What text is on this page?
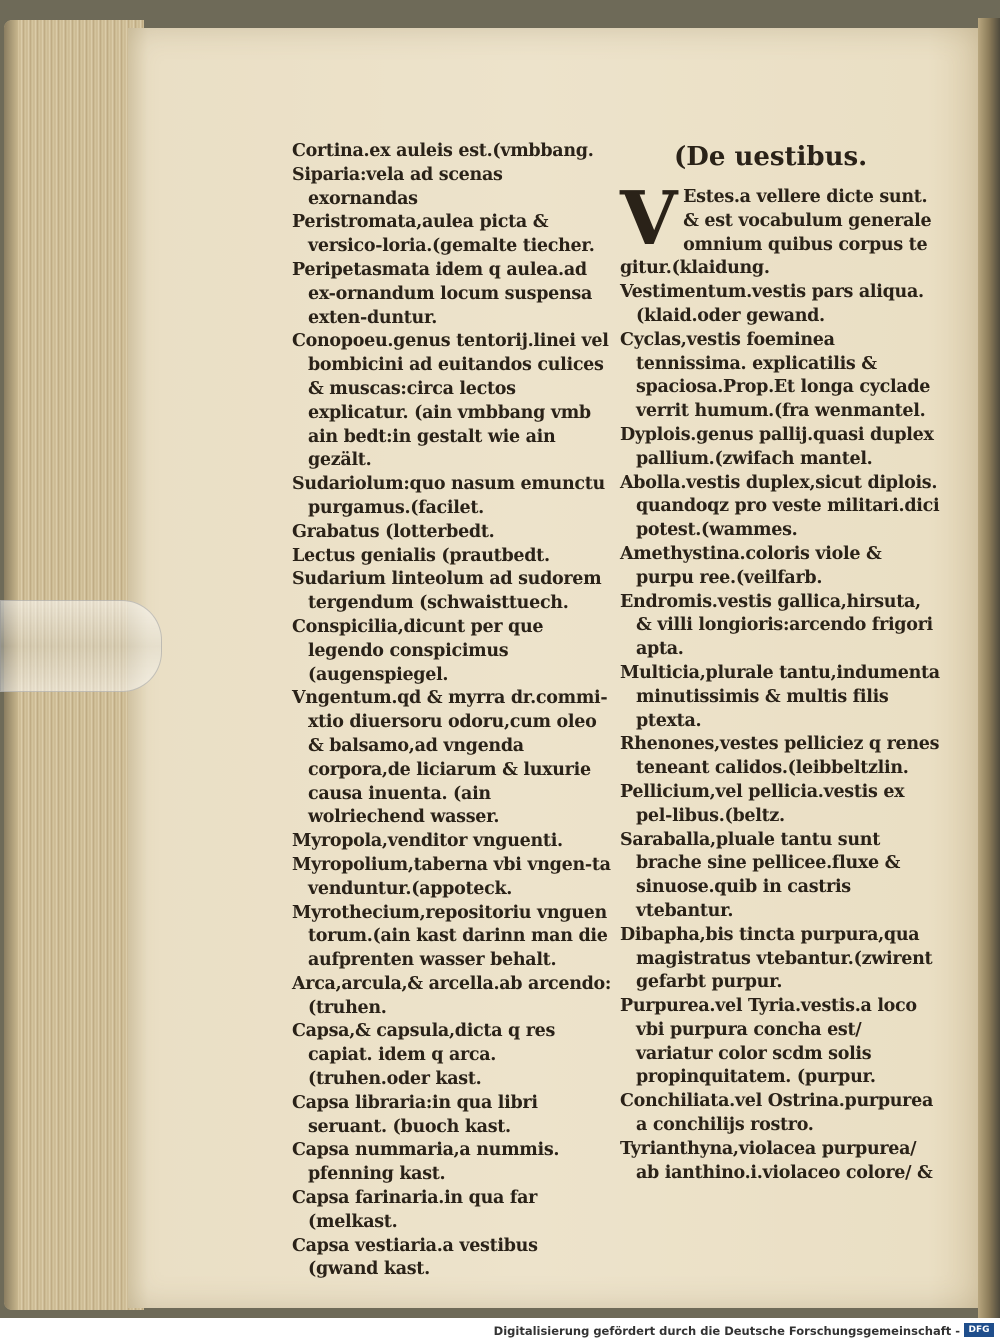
Cortina.ex auleis est.(vmbbang.

Siparia:vela ad scenas exornandas

Peristromata,aulea picta & versico-loria.(gemalte tiecher.

Peripetasmata idem q aulea.ad ex-ornandum locum suspensa exten-duntur.

Conopoeu.genus tentorij.linei vel bombicini ad euitandos culices & muscas:circa lectos explicatur. (ain vmbbang vmb ain bedt:in gestalt wie ain gezält.

Sudariolum:quo nasum emunctu purgamus.(facilet.

Grabatus (lotterbedt.

Lectus genialis (prautbedt.

Sudarium linteolum ad sudorem tergendum (schwaisttuech.

Conspicilia,dicunt per que legendo conspicimus (augenspiegel.

Vngentum.qd & myrra dr.commi-xtio diuersoru odoru,cum oleo & balsamo,ad vngenda corpora,de liciarum & luxurie causa inuenta. (ain wolriechend wasser.

Myropola,venditor vnguenti.

Myropolium,taberna vbi vngen-ta venduntur.(appoteck.

Myrothecium,repositoriu vnguen torum.(ain kast darinn man die aufprenten wasser behalt.

Arca,arcula,& arcella.ab arcendo: (truhen.

Capsa,& capsula,dicta q res capiat. idem q arca.(truhen.oder kast.

Capsa libraria:in qua libri seruant. (buoch kast.

Capsa nummaria,a nummis. pfenning kast.

Capsa farinaria.in qua far (melkast.

Capsa vestiaria.a vestibus (gwand kast.

(De uestibus.

V Estes.a vellere dicte sunt. & est vocabulum generale omnium quibus corpus te gitur.(klaidung.

Vestimentum.vestis pars aliqua. (klaid.oder gewand.

Cyclas,vestis foeminea tennissima. explicatilis & spaciosa.Prop.Et longa cyclade verrit humum.(fra wenmantel.

Dyplois.genus pallij.quasi duplex pallium.(zwifach mantel.

Abolla.vestis duplex,sicut diplois. quandoqz pro veste militari.dici potest.(wammes.

Amethystina.coloris viole & purpu ree.(veilfarb.

Endromis.vestis gallica,hirsuta, & villi longioris:arcendo frigori apta.

Multicia,plurale tantu,indumenta minutissimis & multis filis ptexta.

Rhenones,vestes pelliciez q renes teneant calidos.(leibbeltzlin.

Pellicium,vel pellicia.vestis ex pel-libus.(beltz.

Saraballa,pluale tantu sunt brache sine pellicee.fluxe & sinuose.quib in castris vtebantur.

Dibapha,bis tincta purpura,qua magistratus vtebantur.(zwirent gefarbt purpur.

Purpurea.vel Tyria.vestis.a loco vbi purpura concha est/ variatur color scdm solis propinquitatem. (purpur.

Conchiliata.vel Ostrina.purpurea a conchilijs rostro.

Tyrianthyna,violacea purpurea/ ab ianthino.i.violaceo colore/ &

Digitalisierung gefördert durch die Deutsche Forschungsgemeinschaft - DFG
